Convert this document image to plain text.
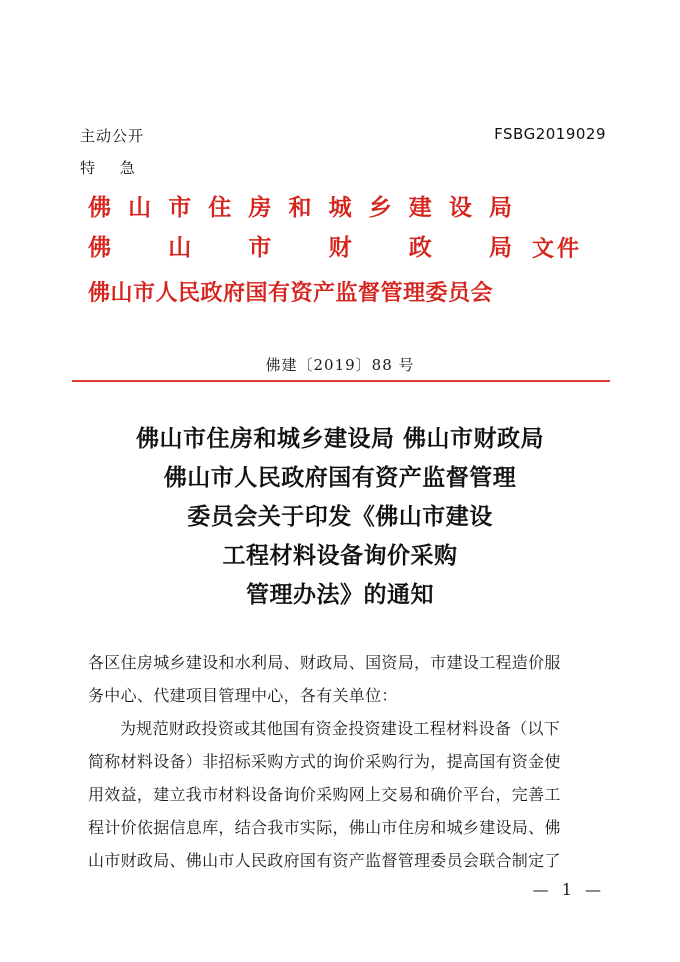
主动公开	FSBG2019029
特 急
佛 山 市 住 房 和 城 乡 建 设 局
佛 山 市 财 政 局
佛山市人民政府国有资产监督管理委员会
文件
佛建〔2019〕88 号
佛山市住房和城乡建设局 佛山市财政局
佛山市人民政府国有资产监督管理
委员会关于印发《佛山市建设
工程材料设备询价采购
管理办法》的通知
各区住房城乡建设和水利局、财政局、国资局，市建设工程造价服
务中心、代建项目管理中心，各有关单位：
为规范财政投资或其他国有资金投资建设工程材料设备（以下
简称材料设备）非招标采购方式的询价采购行为，提高国有资金使
用效益，建立我市材料设备询价采购网上交易和确价平台，完善工
程计价依据信息库，结合我市实际，佛山市住房和城乡建设局、佛
山市财政局、佛山市人民政府国有资产监督管理委员会联合制定了
— 1 —
